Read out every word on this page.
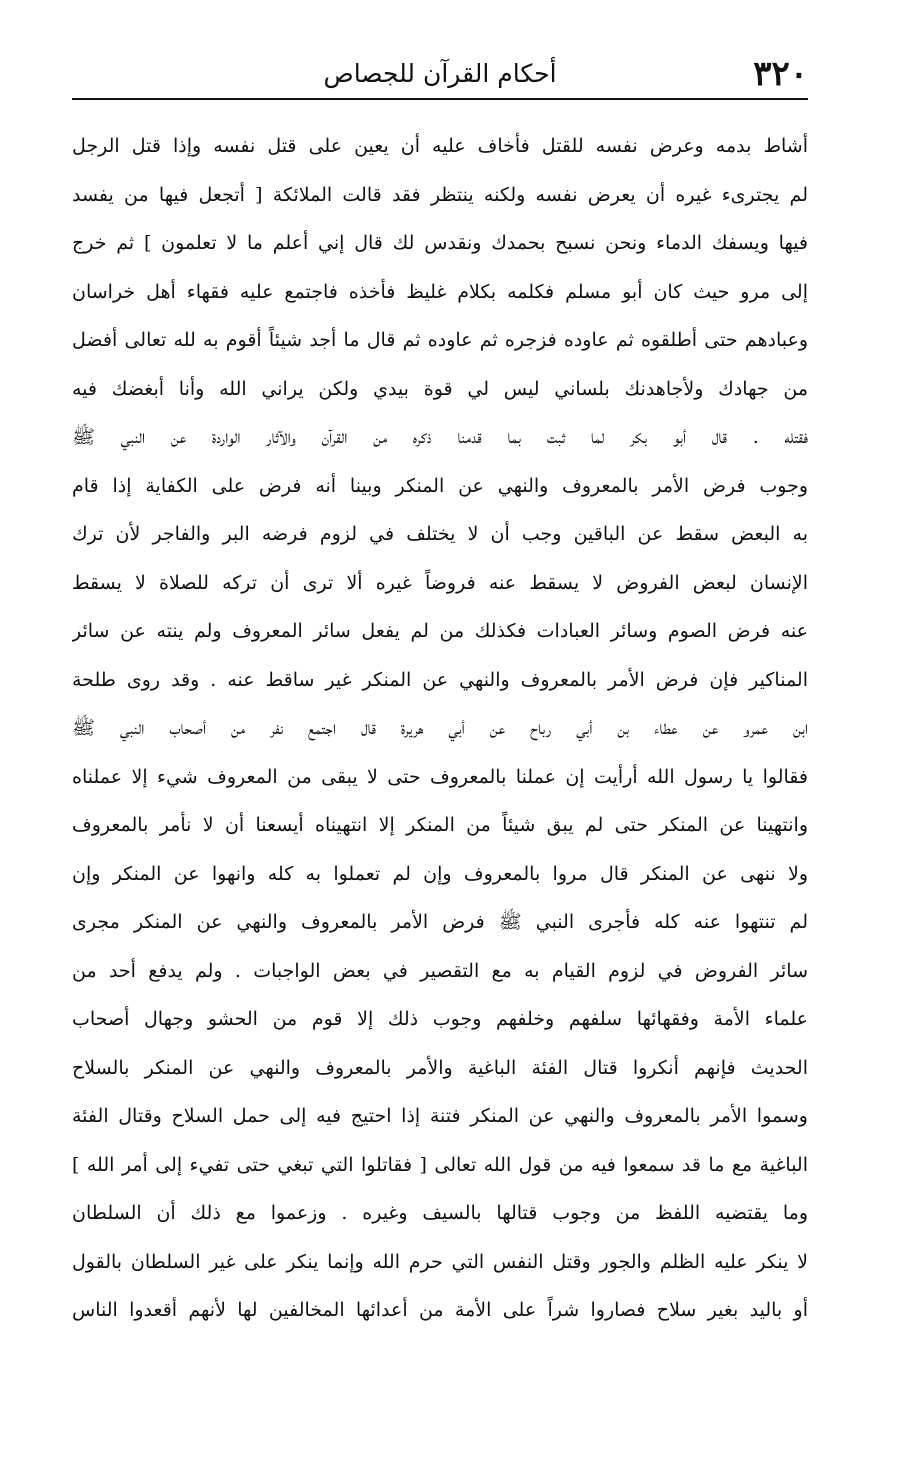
٣٢٠
أحكام القرآن للجصاص
أشاط بدمه وعرض نفسه للقتل فأخاف عليه أن يعين على قتل نفسه وإذا قتل الرجل
لم يجترىء غيره أن يعرض نفسه ولكنه ينتظر فقد قالت الملائكة [ أتجعل فيها من يفسد
فيها ويسفك الدماء ونحن نسبح بحمدك ونقدس لك قال إني أعلم ما لا تعلمون ] ثم خرج
إلى مرو حيث كان أبو مسلم فكلمه بكلام غليظ فأخذه فاجتمع عليه فقهاء أهل خراسان
وعبادهم حتى أطلقوه ثم عاوده فزجره ثم عاوده ثم قال ما أجد شيئاً أقوم به لله تعالى أفضل
من جهادك ولأجاهدنك بلساني ليس لي قوة بيدي ولكن يراني الله وأنا أبغضك فيه
فقتله . قال أبو بكر لما ثبت بما قدمنا ذكره من القرآن والآثار الواردة عن النبي ﷺ
وجوب فرض الأمر بالمعروف والنهي عن المنكر وبينا أنه فرض على الكفاية إذا قام
به البعض سقط عن الباقين وجب أن لا يختلف في لزوم فرضه البر والفاجر لأن ترك
الإنسان لبعض الفروض لا يسقط عنه فروضاً غيره ألا ترى أن تركه للصلاة لا يسقط
عنه فرض الصوم وسائر العبادات فكذلك من لم يفعل سائر المعروف ولم ينته عن سائر
المناكير فإن فرض الأمر بالمعروف والنهي عن المنكر غير ساقط عنه . وقد روى طلحة
ابن عمرو عن عطاء بن أبي رباح عن أبي هريرة قال اجتمع نفر من أصحاب النبي ﷺ
فقالوا يا رسول الله أرأيت إن عملنا بالمعروف حتى لا يبقى من المعروف شيء إلا عملناه
وانتهينا عن المنكر حتى لم يبق شيئاً من المنكر إلا انتهيناه أيسعنا أن لا نأمر بالمعروف
ولا ننهى عن المنكر قال مروا بالمعروف وإن لم تعملوا به كله وانهوا عن المنكر وإن
لم تنتهوا عنه كله فأجرى النبي ﷺ فرض الأمر بالمعروف والنهي عن المنكر مجرى
سائر الفروض في لزوم القيام به مع التقصير في بعض الواجبات . ولم يدفع أحد من
علماء الأمة وفقهائها سلفهم وخلفهم وجوب ذلك إلا قوم من الحشو وجهال أصحاب
الحديث فإنهم أنكروا قتال الفئة الباغية والأمر بالمعروف والنهي عن المنكر بالسلاح
وسموا الأمر بالمعروف والنهي عن المنكر فتنة إذا احتيج فيه إلى حمل السلاح وقتال الفئة
الباغية مع ما قد سمعوا فيه من قول الله تعالى [ فقاتلوا التي تبغي حتى تفيء إلى أمر الله ]
وما يقتضيه اللفظ من وجوب قتالها بالسيف وغيره . وزعموا مع ذلك أن السلطان
لا ينكر عليه الظلم والجور وقتل النفس التي حرم الله وإنما ينكر على غير السلطان بالقول
أو باليد بغير سلاح فصاروا شراً على الأمة من أعدائها المخالفين لها لأنهم أقعدوا الناس
